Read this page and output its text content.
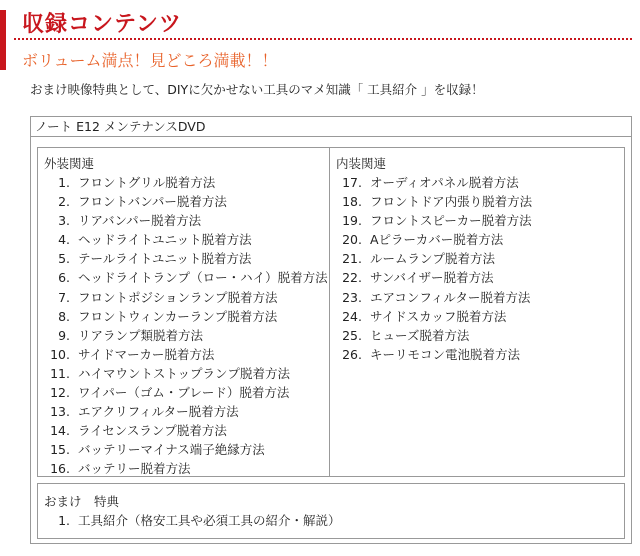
収録コンテンツ
ボリューム満点！見どころ満載！！
おまけ映像特典として、DIYに欠かせない工具のマメ知識「 工具紹介 」を収録！
ノート E12 メンテナンスDVD
外装関連
1. フロントグリル脱着方法
2. フロントバンパー脱着方法
3. リアバンパー脱着方法
4. ヘッドライトユニット脱着方法
5. テールライトユニット脱着方法
6. ヘッドライトランプ（ロー・ハイ）脱着方法
7. フロントポジションランプ脱着方法
8. フロントウィンカーランプ脱着方法
9. リアランプ類脱着方法
10. サイドマーカー脱着方法
11. ハイマウントストップランプ脱着方法
12. ワイパー（ゴム・ブレード）脱着方法
13. エアクリフィルター脱着方法
14. ライセンスランプ脱着方法
15. バッテリーマイナス端子絶縁方法
16. バッテリー脱着方法
内装関連
17. オーディオパネル脱着方法
18. フロントドア内張り脱着方法
19. フロントスピーカー脱着方法
20. Aピラーカバー脱着方法
21. ルームランプ脱着方法
22. サンバイザー脱着方法
23. エアコンフィルター脱着方法
24. サイドスカッフ脱着方法
25. ヒューズ脱着方法
26. キーリモコン電池脱着方法
おまけ　特典
1. 工具紹介（格安工具や必須工具の紹介・解説）
